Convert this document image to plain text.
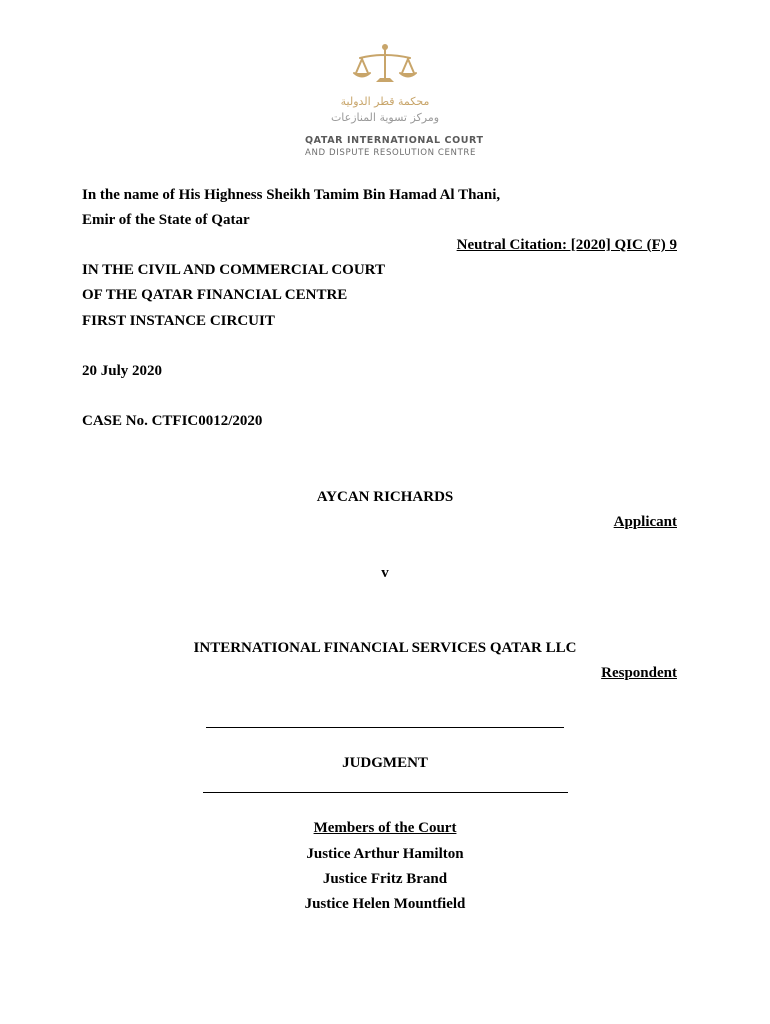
محكمة قطر الدولية
ومركز تسوية المنازعات
QATAR INTERNATIONAL COURT
AND DISPUTE RESOLUTION CENTRE
In the name of His Highness Sheikh Tamim Bin Hamad Al Thani,
Emir of the State of Qatar
Neutral Citation: [2020] QIC (F) 9
IN THE CIVIL AND COMMERCIAL COURT
OF THE QATAR FINANCIAL CENTRE
FIRST INSTANCE CIRCUIT
20 July 2020
CASE No. CTFIC0012/2020
AYCAN RICHARDS
Applicant
v
INTERNATIONAL FINANCIAL SERVICES QATAR LLC
Respondent
JUDGMENT
Members of the Court
Justice Arthur Hamilton
Justice Fritz Brand
Justice Helen Mountfield
